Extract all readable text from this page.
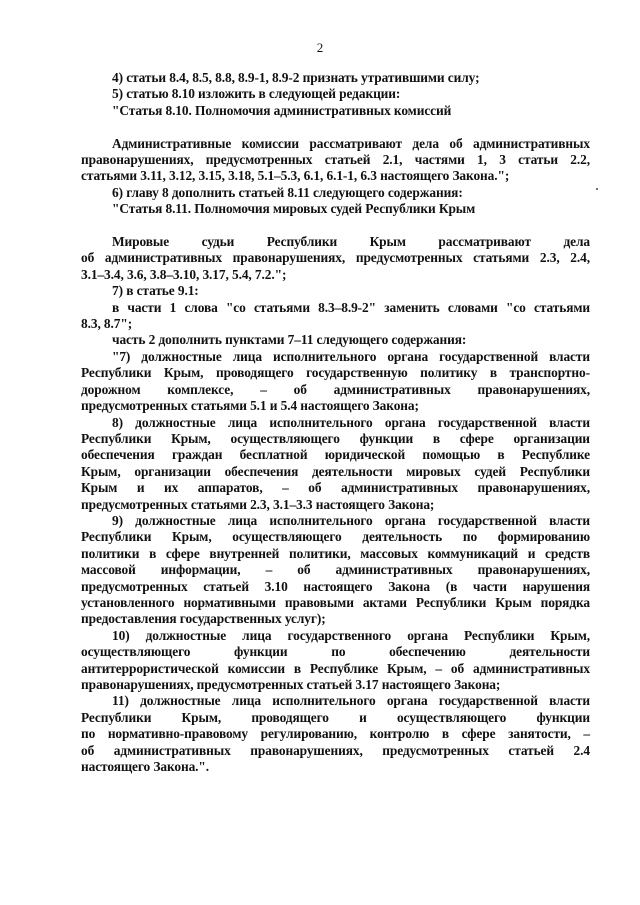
2
4) статьи 8.4, 8.5, 8.8, 8.9-1, 8.9-2 признать утратившими силу;
5) статью 8.10 изложить в следующей редакции:
"Статья 8.10. Полномочия административных комиссий
Административные комиссии рассматривают дела об административных
правонарушениях, предусмотренных статьей 2.1, частями 1, 3 статьи 2.2,
статьями 3.11, 3.12, 3.15, 3.18, 5.1–5.3, 6.1, 6.1-1, 6.3 настоящего Закона.";
6) главу 8 дополнить статьей 8.11 следующего содержания:
"Статья 8.11. Полномочия мировых судей Республики Крым
Мировые судьи Республики Крым рассматривают дела
об административных правонарушениях, предусмотренных статьями 2.3, 2.4,
3.1–3.4, 3.6, 3.8–3.10, 3.17, 5.4, 7.2.";
7) в статье 9.1:
в части 1 слова "со статьями 8.3–8.9-2" заменить словами "со статьями
8.3, 8.7";
часть 2 дополнить пунктами 7–11 следующего содержания:
"7) должностные лица исполнительного органа государственной власти
Республики Крым, проводящего государственную политику в транспортно-
дорожном комплексе, – об административных правонарушениях,
предусмотренных статьями 5.1 и 5.4 настоящего Закона;
8) должностные лица исполнительного органа государственной власти
Республики Крым, осуществляющего функции в сфере организации
обеспечения граждан бесплатной юридической помощью в Республике
Крым, организации обеспечения деятельности мировых судей Республики
Крым и их аппаратов, – об административных правонарушениях,
предусмотренных статьями 2.3, 3.1–3.3 настоящего Закона;
9) должностные лица исполнительного органа государственной власти
Республики Крым, осуществляющего деятельность по формированию
политики в сфере внутренней политики, массовых коммуникаций и средств
массовой информации, – об административных правонарушениях,
предусмотренных статьей 3.10 настоящего Закона (в части нарушения
установленного нормативными правовыми актами Республики Крым порядка
предоставления государственных услуг);
10) должностные лица государственного органа Республики Крым,
осуществляющего	функции	по	обеспечению	деятельности
антитеррористической комиссии в Республике Крым, – об административных
правонарушениях, предусмотренных статьей 3.17 настоящего Закона;
11) должностные лица исполнительного органа государственной власти
Республики Крым, проводящего и осуществляющего функции
по нормативно-правовому регулированию, контролю в сфере занятости, –
об административных правонарушениях, предусмотренных статьей 2.4
настоящего Закона.".
